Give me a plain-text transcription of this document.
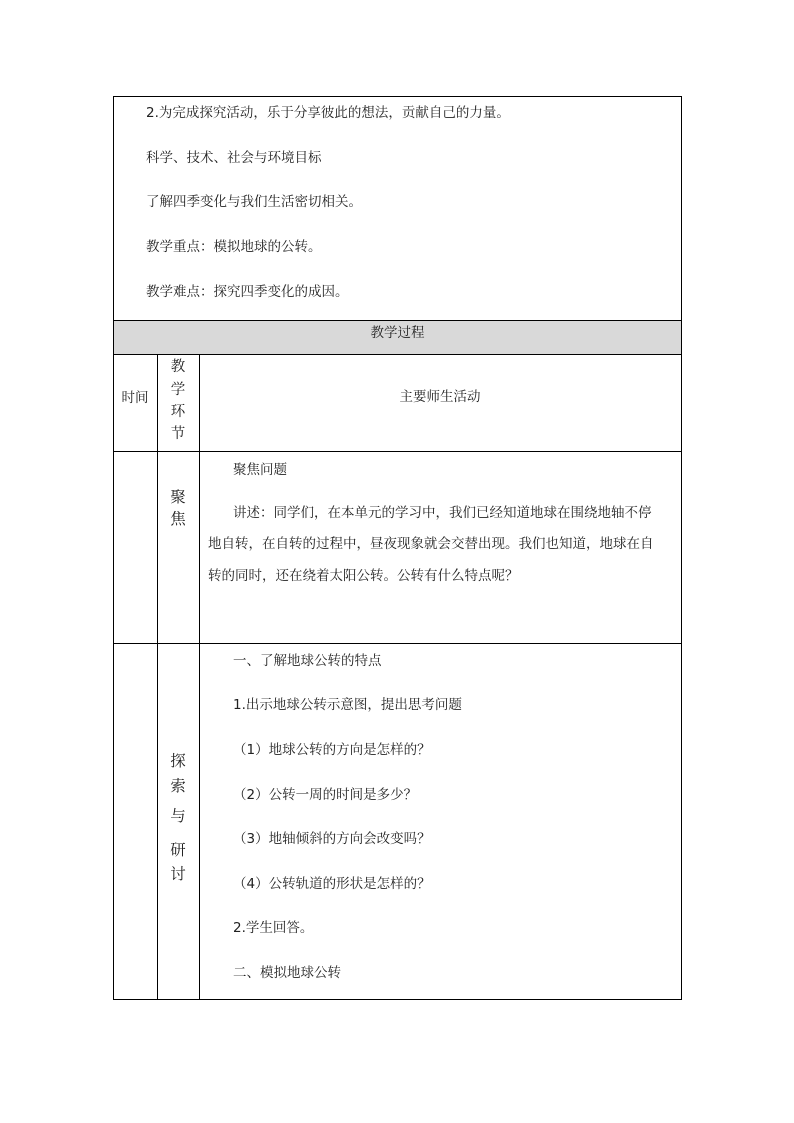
2.为完成探究活动，乐于分享彼此的想法，贡献自己的力量。
科学、技术、社会与环境目标
了解四季变化与我们生活密切相关。
教学重点：模拟地球的公转。
教学难点：探究四季变化的成因。
教学过程
时间
教
学
环
节
主要师生活动
聚
焦
聚焦问题
讲述：同学们，在本单元的学习中，我们已经知道地球在围绕地轴不停
地自转，在自转的过程中，昼夜现象就会交替出现。我们也知道，地球在自
转的同时，还在绕着太阳公转。公转有什么特点呢？
探
索
与
研
讨
一、了解地球公转的特点
1.出示地球公转示意图，提出思考问题
（1）地球公转的方向是怎样的？
（2）公转一周的时间是多少？
（3）地轴倾斜的方向会改变吗？
（4）公转轨道的形状是怎样的？
2.学生回答。
二、模拟地球公转
